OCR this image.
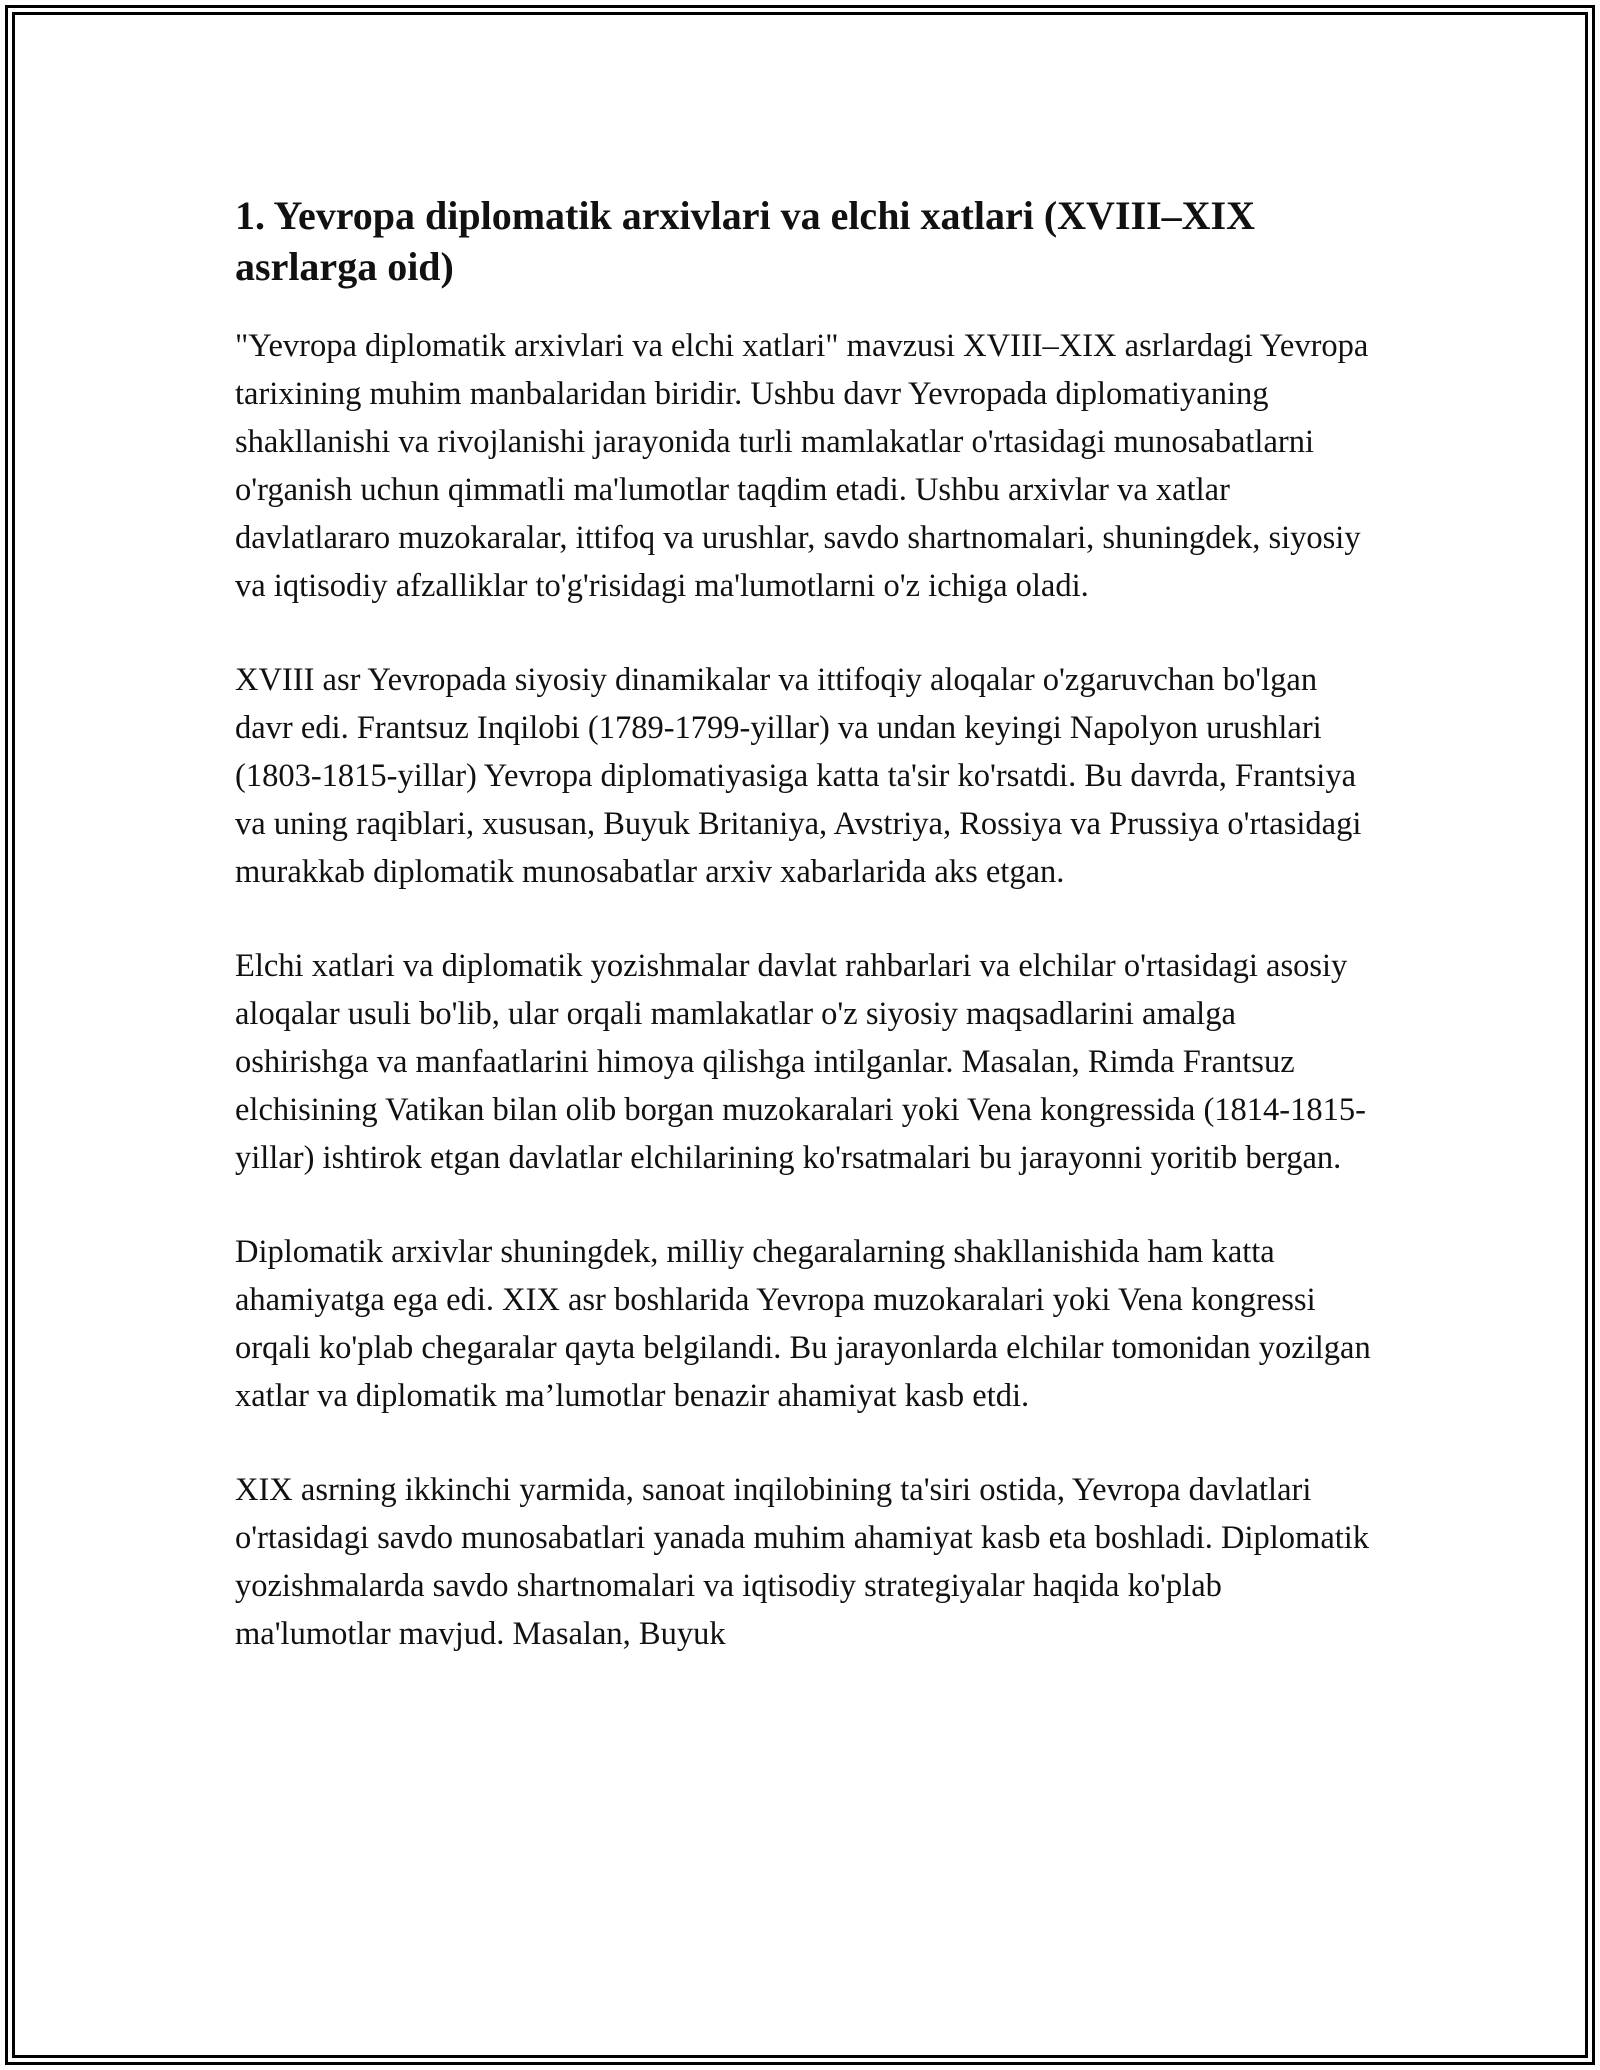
1. Yevropa diplomatik arxivlari va elchi xatlari (XVIII–XIX asrlarga oid)

"Yevropa diplomatik arxivlari va elchi xatlari" mavzusi XVIII–XIX asrlardagi Yevropa tarixining muhim manbalaridan biridir. Ushbu davr Yevropada diplomatiyaning shakllanishi va rivojlanishi jarayonida turli mamlakatlar o'rtasidagi munosabatlarni o'rganish uchun qimmatli ma'lumotlar taqdim etadi. Ushbu arxivlar va xatlar davlatlararo muzokaralar, ittifoq va urushlar, savdo shartnomalari, shuningdek, siyosiy va iqtisodiy afzalliklar to'g'risidagi ma'lumotlarni o'z ichiga oladi.

XVIII asr Yevropada siyosiy dinamikalar va ittifoqiy aloqalar o'zgaruvchan bo'lgan davr edi. Frantsuz Inqilobi (1789-1799-yillar) va undan keyingi Napolyon urushlari (1803-1815-yillar) Yevropa diplomatiyasiga katta ta'sir ko'rsatdi. Bu davrda, Frantsiya va uning raqiblari, xususan, Buyuk Britaniya, Avstriya, Rossiya va Prussiya o'rtasidagi murakkab diplomatik munosabatlar arxiv xabarlarida aks etgan.

Elchi xatlari va diplomatik yozishmalar davlat rahbarlari va elchilar o'rtasidagi asosiy aloqalar usuli bo'lib, ular orqali mamlakatlar o'z siyosiy maqsadlarini amalga oshirishga va manfaatlarini himoya qilishga intilganlar. Masalan, Rimda Frantsuz elchisining Vatikan bilan olib borgan muzokaralari yoki Vena kongressida (1814-1815-yillar) ishtirok etgan davlatlar elchilarining ko'rsatmalari bu jarayonni yoritib bergan.

Diplomatik arxivlar shuningdek, milliy chegaralarning shakllanishida ham katta ahamiyatga ega edi. XIX asr boshlarida Yevropa muzokaralari yoki Vena kongressi orqali ko'plab chegaralar qayta belgilandi. Bu jarayonlarda elchilar tomonidan yozilgan xatlar va diplomatik ma’lumotlar benazir ahamiyat kasb etdi.

XIX asrning ikkinchi yarmida, sanoat inqilobining ta'siri ostida, Yevropa davlatlari o'rtasidagi savdo munosabatlari yanada muhim ahamiyat kasb eta boshladi. Diplomatik yozishmalarda savdo shartnomalari va iqtisodiy strategiyalar haqida ko'plab ma'lumotlar mavjud. Masalan, Buyuk
